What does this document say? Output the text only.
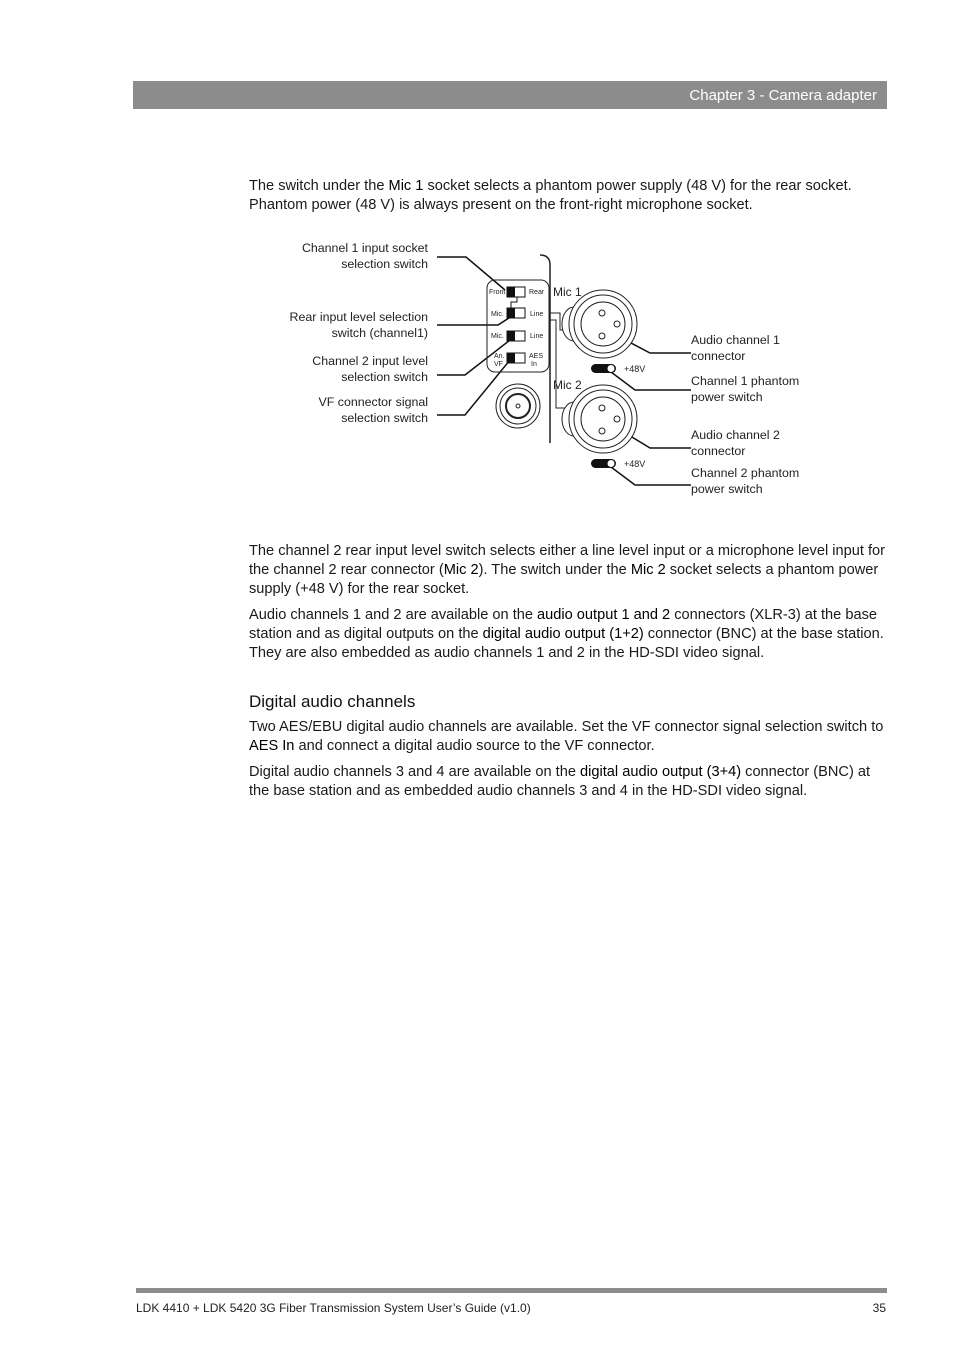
Chapter 3 - Camera adapter
The switch under the Mic 1 socket selects a phantom power supply (48 V) for the rear socket. Phantom power (48 V) is always present on the front-right microphone socket.
Front	Rear
Mic.	Line
Mic.	Line
An.
VF
AES
In
Mic 1
Mic 2
+48V
+48V
Channel 1 input socket
selection switch
Rear input level selection
switch (channel1)
Channel 2 input level
selection switch
VF connector signal
selection switch
Audio channel 1
connector
Channel 1 phantom
power switch
Audio channel 2
connector
Channel 2 phantom
power switch
The channel 2 rear input level switch selects either a line level input or a microphone level input for the channel 2 rear connector (Mic 2). The switch under the Mic 2 socket selects a phantom power supply (+48 V) for the rear socket.
Audio channels 1 and 2 are available on the audio output 1 and 2 connectors (XLR-3) at the base station and as digital outputs on the digital audio output (1+2) connector (BNC) at the base station. They are also embedded as audio channels 1 and 2 in the HD-SDI video signal.
Digital audio channels
Two AES/EBU digital audio channels are available. Set the VF connector signal selection switch to AES In and connect a digital audio source to the VF connector.
Digital audio channels 3 and 4 are available on the digital audio output (3+4) connector (BNC) at the base station and as embedded audio channels 3 and 4 in the HD-SDI video signal.
LDK 4410 + LDK 5420 3G Fiber Transmission System User’s Guide (v1.0)	35
